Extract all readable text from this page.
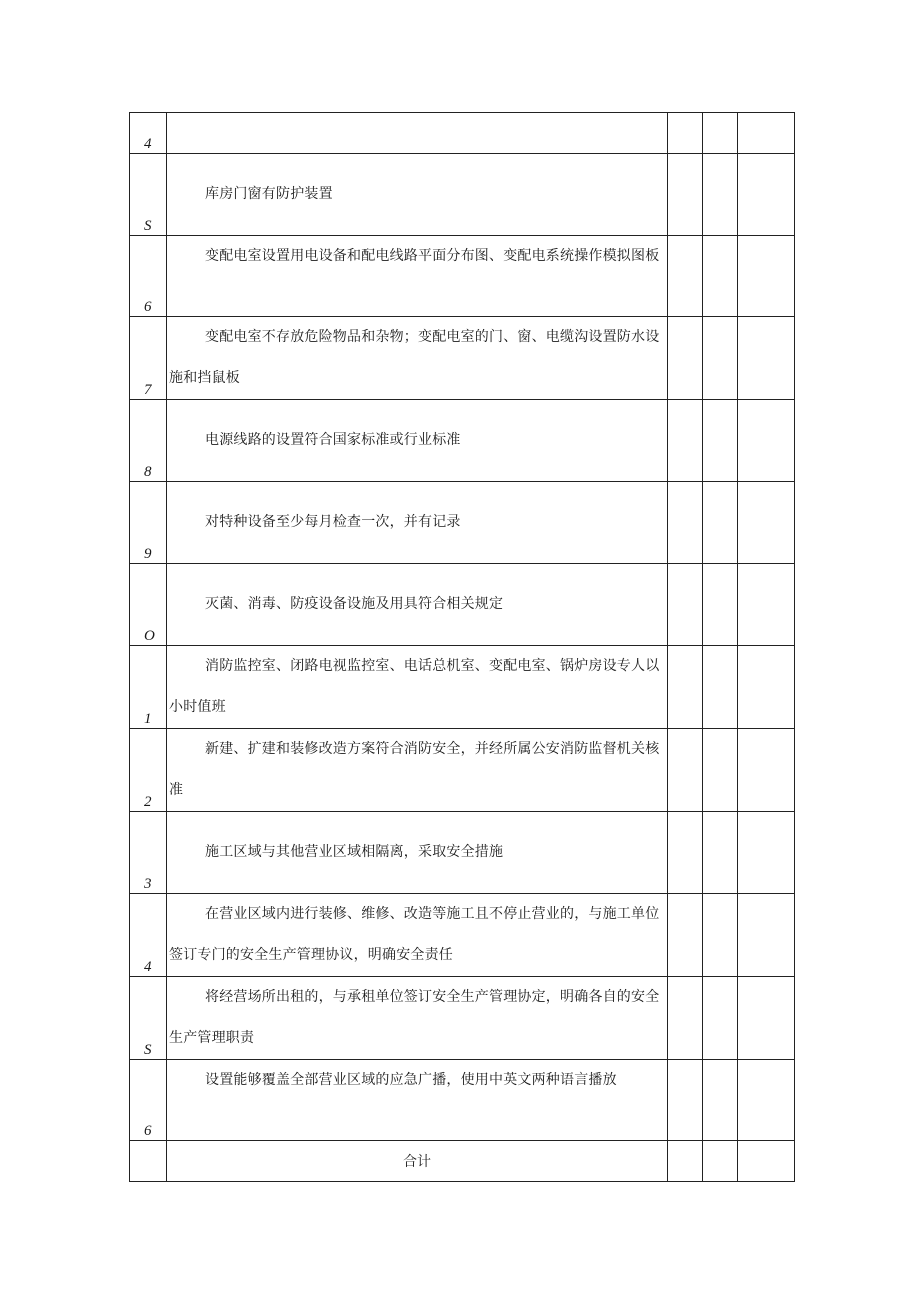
4				

S	库房门窗有防护装置			

6	变配电室设置用电设备和配电线路平面分布图、变配电系统操作模拟图板			

7	变配电室不存放危险物品和杂物；变配电室的门、窗、电缆沟设置防水设施和挡鼠板			

8	电源线路的设置符合国家标准或行业标准			

9	对特种设备至少每月检查一次，并有记录			

O	灭菌、消毒、防疫设备设施及用具符合相关规定			

1	消防监控室、闭路电视监控室、电话总机室、变配电室、锅炉房设专人以小时值班			

2	新建、扩建和装修改造方案符合消防安全，并经所属公安消防监督机关核准			

3	施工区域与其他营业区域相隔离，采取安全措施			

4	在营业区域内进行装修、维修、改造等施工且不停止营业的，与施工单位签订专门的安全生产管理协议，明确安全责任			

S	将经营场所出租的，与承租单位签订安全生产管理协定，明确各自的安全生产管理职责			

6	设置能够覆盖全部营业区域的应急广播，使用中英文两种语言播放			

	合计			
